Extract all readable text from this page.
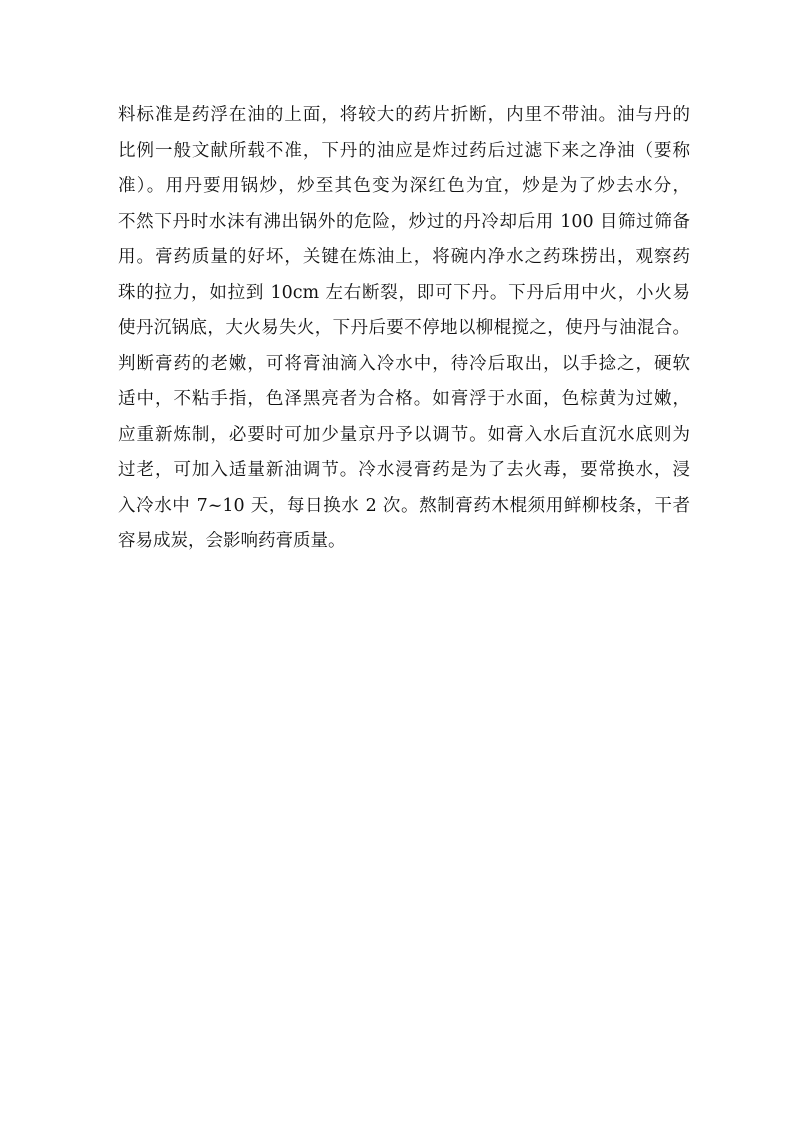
料标准是药浮在油的上面，将较大的药片折断，内里不带油。油与丹的
比例一般文献所载不准，下丹的油应是炸过药后过滤下来之净油（要称
准）。用丹要用锅炒，炒至其色变为深红色为宜，炒是为了炒去水分，
不然下丹时水沫有沸出锅外的危险，炒过的丹冷却后用 100 目筛过筛备
用。膏药质量的好坏，关键在炼油上，将碗内净水之药珠捞出，观察药
珠的拉力，如拉到 10cm 左右断裂，即可下丹。下丹后用中火，小火易
使丹沉锅底，大火易失火，下丹后要不停地以柳棍搅之，使丹与油混合。
判断膏药的老嫩，可将膏油滴入冷水中，待冷后取出，以手捻之，硬软
适中，不粘手指，色泽黑亮者为合格。如膏浮于水面，色棕黄为过嫩，
应重新炼制，必要时可加少量京丹予以调节。如膏入水后直沉水底则为
过老，可加入适量新油调节。冷水浸膏药是为了去火毒，要常换水，浸
入冷水中 7~10 天，每日换水 2 次。熬制膏药木棍须用鲜柳枝条，干者
容易成炭，会影响药膏质量。
